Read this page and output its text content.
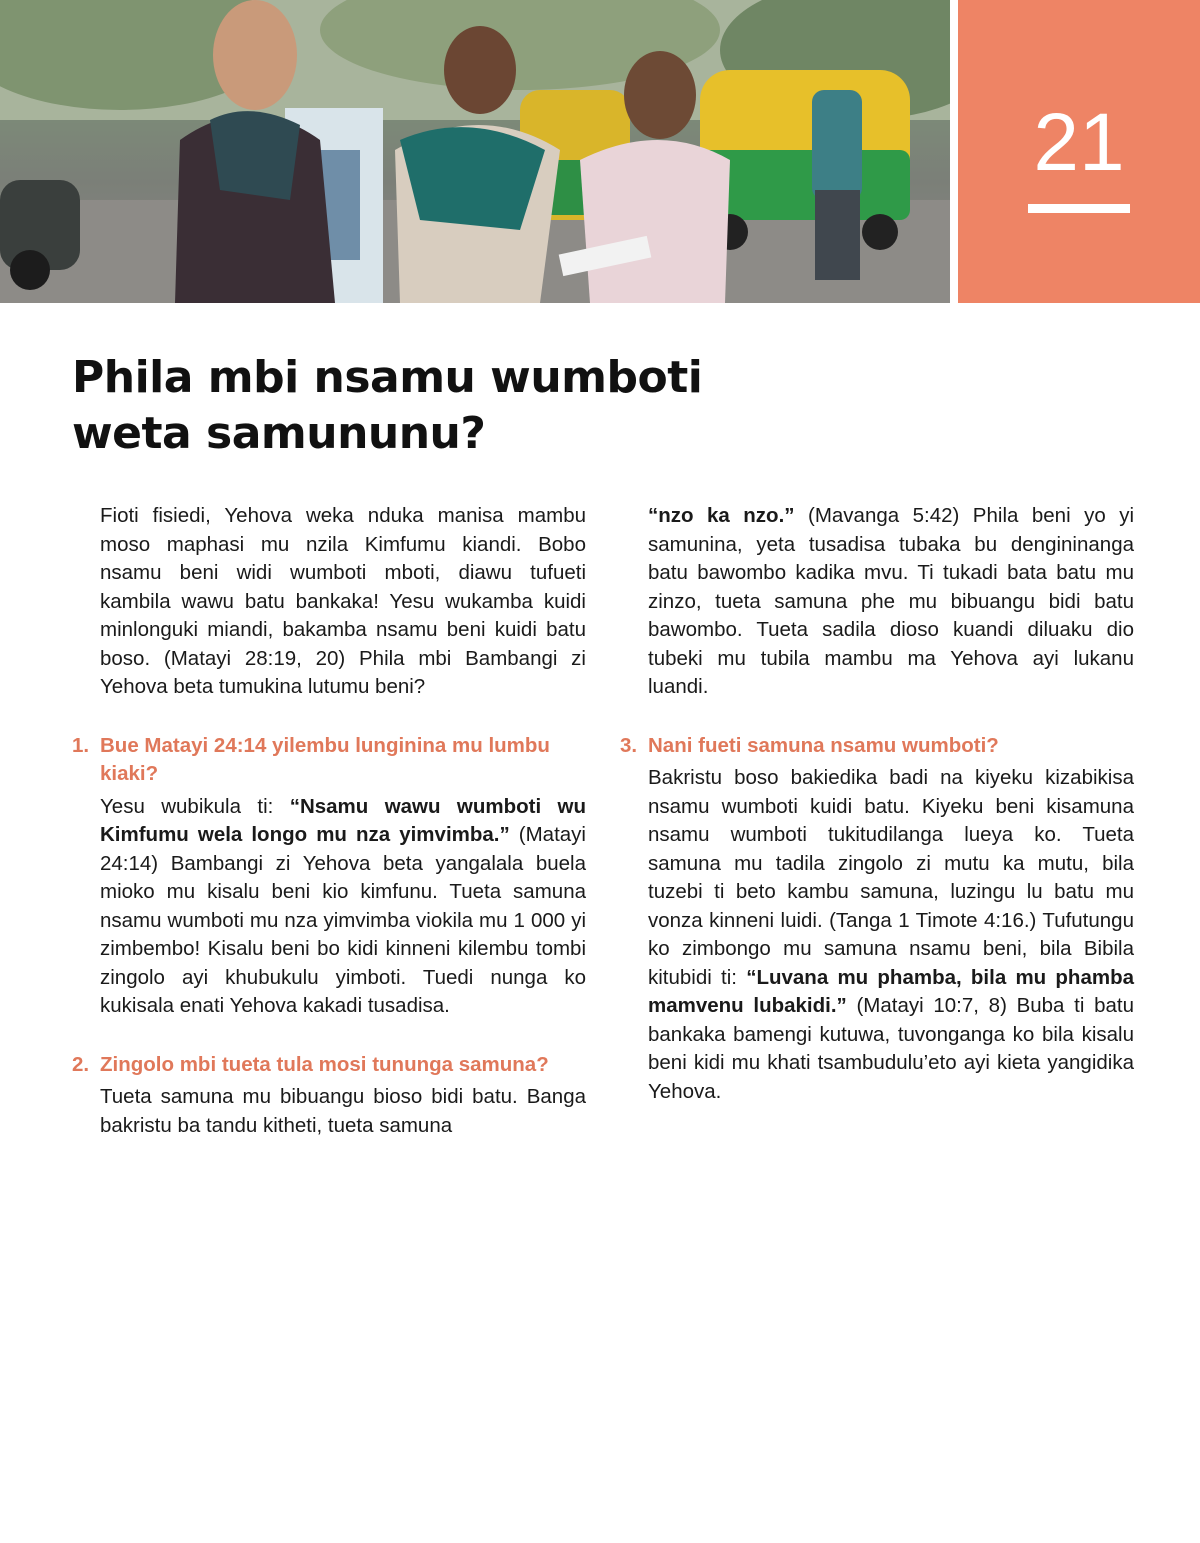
21
Phila mbi nsamu wumboti
weta samununu?

Fioti fisiedi, Yehova weka nduka manisa mambu moso maphasi mu nzila Kimfumu kiandi. Bobo nsamu beni widi wumboti mboti, diawu tufueti kambila wawu batu bankaka! Yesu wukamba kuidi minlonguki miandi, bakamba nsamu beni kuidi batu boso. (Matayi 28:19, 20) Phila mbi Bambangi zi Yehova beta tumukina lutumu beni?

1. Bue Matayi 24:14 yilembu lunginina mu lumbu kiaki?

Yesu wubikula ti: “Nsamu wawu wumboti wu Kimfumu wela longo mu nza yimvimba.” (Matayi 24:14) Bambangi zi Yehova beta yangalala buela mioko mu kisalu beni kio kimfunu. Tueta samuna nsamu wumboti mu nza yimvimba viokila mu 1 000 yi zimbembo! Kisalu beni bo kidi kinneni kilembu tombi zingolo ayi khubukulu yimboti. Tuedi nunga ko kukisala enati Yehova kakadi tusadisa.

2. Zingolo mbi tueta tula mosi tununga samuna?

Tueta samuna mu bibuangu bioso bidi batu. Banga bakristu ba tandu kitheti, tueta samuna

“nzo ka nzo.” (Mavanga 5:42) Phila beni yo yi samunina, yeta tusadisa tubaka bu dengininanga batu bawombo kadika mvu. Ti tukadi bata batu mu zinzo, tueta samuna phe mu bibuangu bidi batu bawombo. Tueta sadila dioso kuandi diluaku dio tubeki mu tubila mambu ma Yehova ayi lukanu luandi.

3. Nani fueti samuna nsamu wumboti?

Bakristu boso bakiedika badi na kiyeku kizabikisa nsamu wumboti kuidi batu. Kiyeku beni kisamuna nsamu wumboti tukitudilanga lueya ko. Tueta samuna mu tadila zingolo zi mutu ka mutu, bila tuzebi ti beto kambu samuna, luzingu lu batu mu vonza kinneni luidi. (Tanga 1 Timote 4:16.) Tufutungu ko zimbongo mu samuna nsamu beni, bila Bibila kitubidi ti: “Luvana mu phamba, bila mu phamba mamvenu lubakidi.” (Matayi 10:7, 8) Buba ti batu bankaka bamengi kutuwa, tuvonganga ko bila kisalu beni kidi mu khati tsambudulu’eto ayi kieta yangidika Yehova.
